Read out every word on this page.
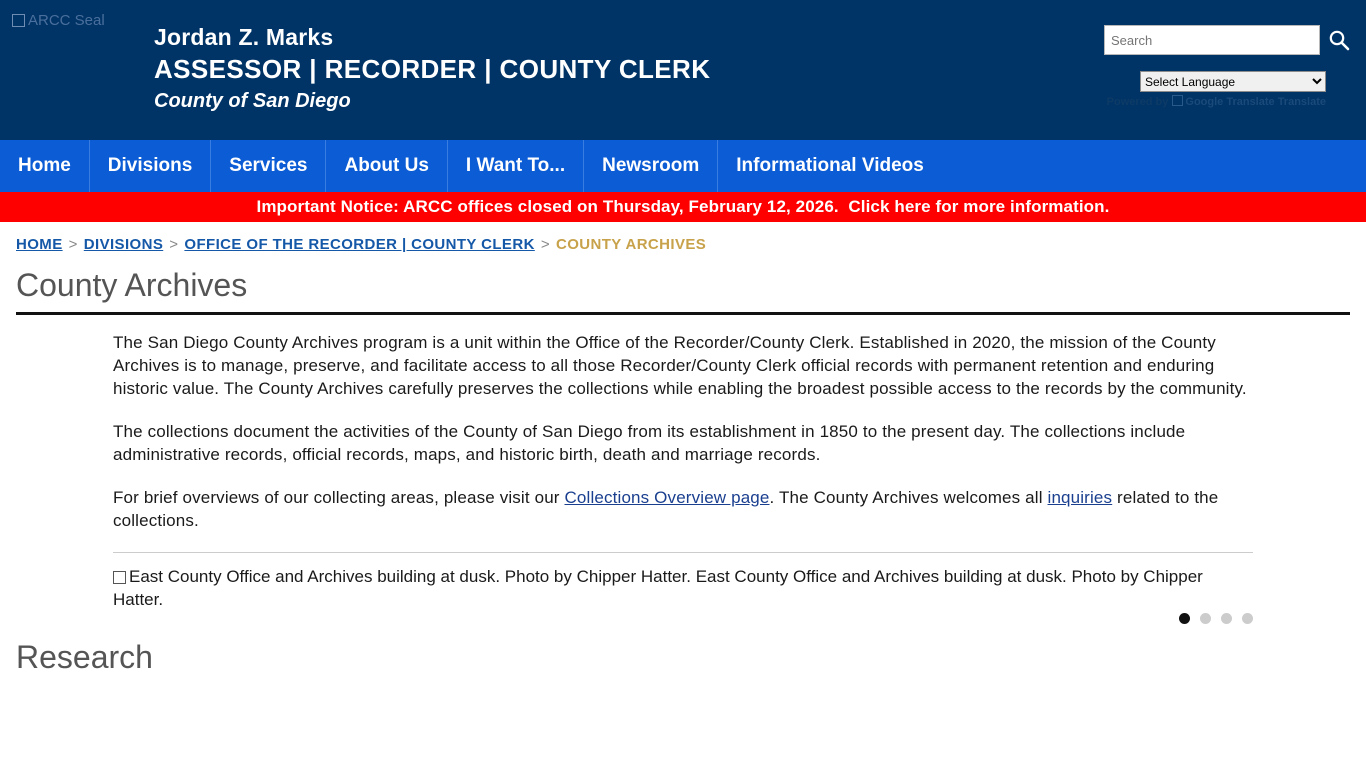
ARCC Seal
Jordan Z. Marks
ASSESSOR | RECORDER | COUNTY CLERK
County of San Diego
Search
Select Language	Powered by Google Translate Translate
Home	Divisions	Services	About Us	I Want To...	Newsroom	Informational Videos
Important Notice: ARCC offices closed on Thursday, February 12, 2026.
Click here for more information.
HOME > DIVISIONS > OFFICE OF THE RECORDER | COUNTY CLERK > COUNTY ARCHIVES
County Archives

The San Diego County Archives program is a unit within the Office of the Recorder/County Clerk. Established in 2020, the mission of the County Archives is to manage, preserve, and facilitate access to all those Recorder/County Clerk official records with permanent retention and enduring historic value. The County Archives carefully preserves the collections while enabling the broadest possible access to the records by the community.

The collections document the activities of the County of San Diego from its establishment in 1850 to the present day. The collections include administrative records, official records, maps, and historic birth, death and marriage records.

For brief overviews of our collecting areas, please visit our Collections Overview page. The County Archives welcomes all inquiries related to the collections.

East County Office and Archives building at dusk. Photo by Chipper Hatter. East County Office and Archives building at dusk. Photo by Chipper Hatter.
Research
